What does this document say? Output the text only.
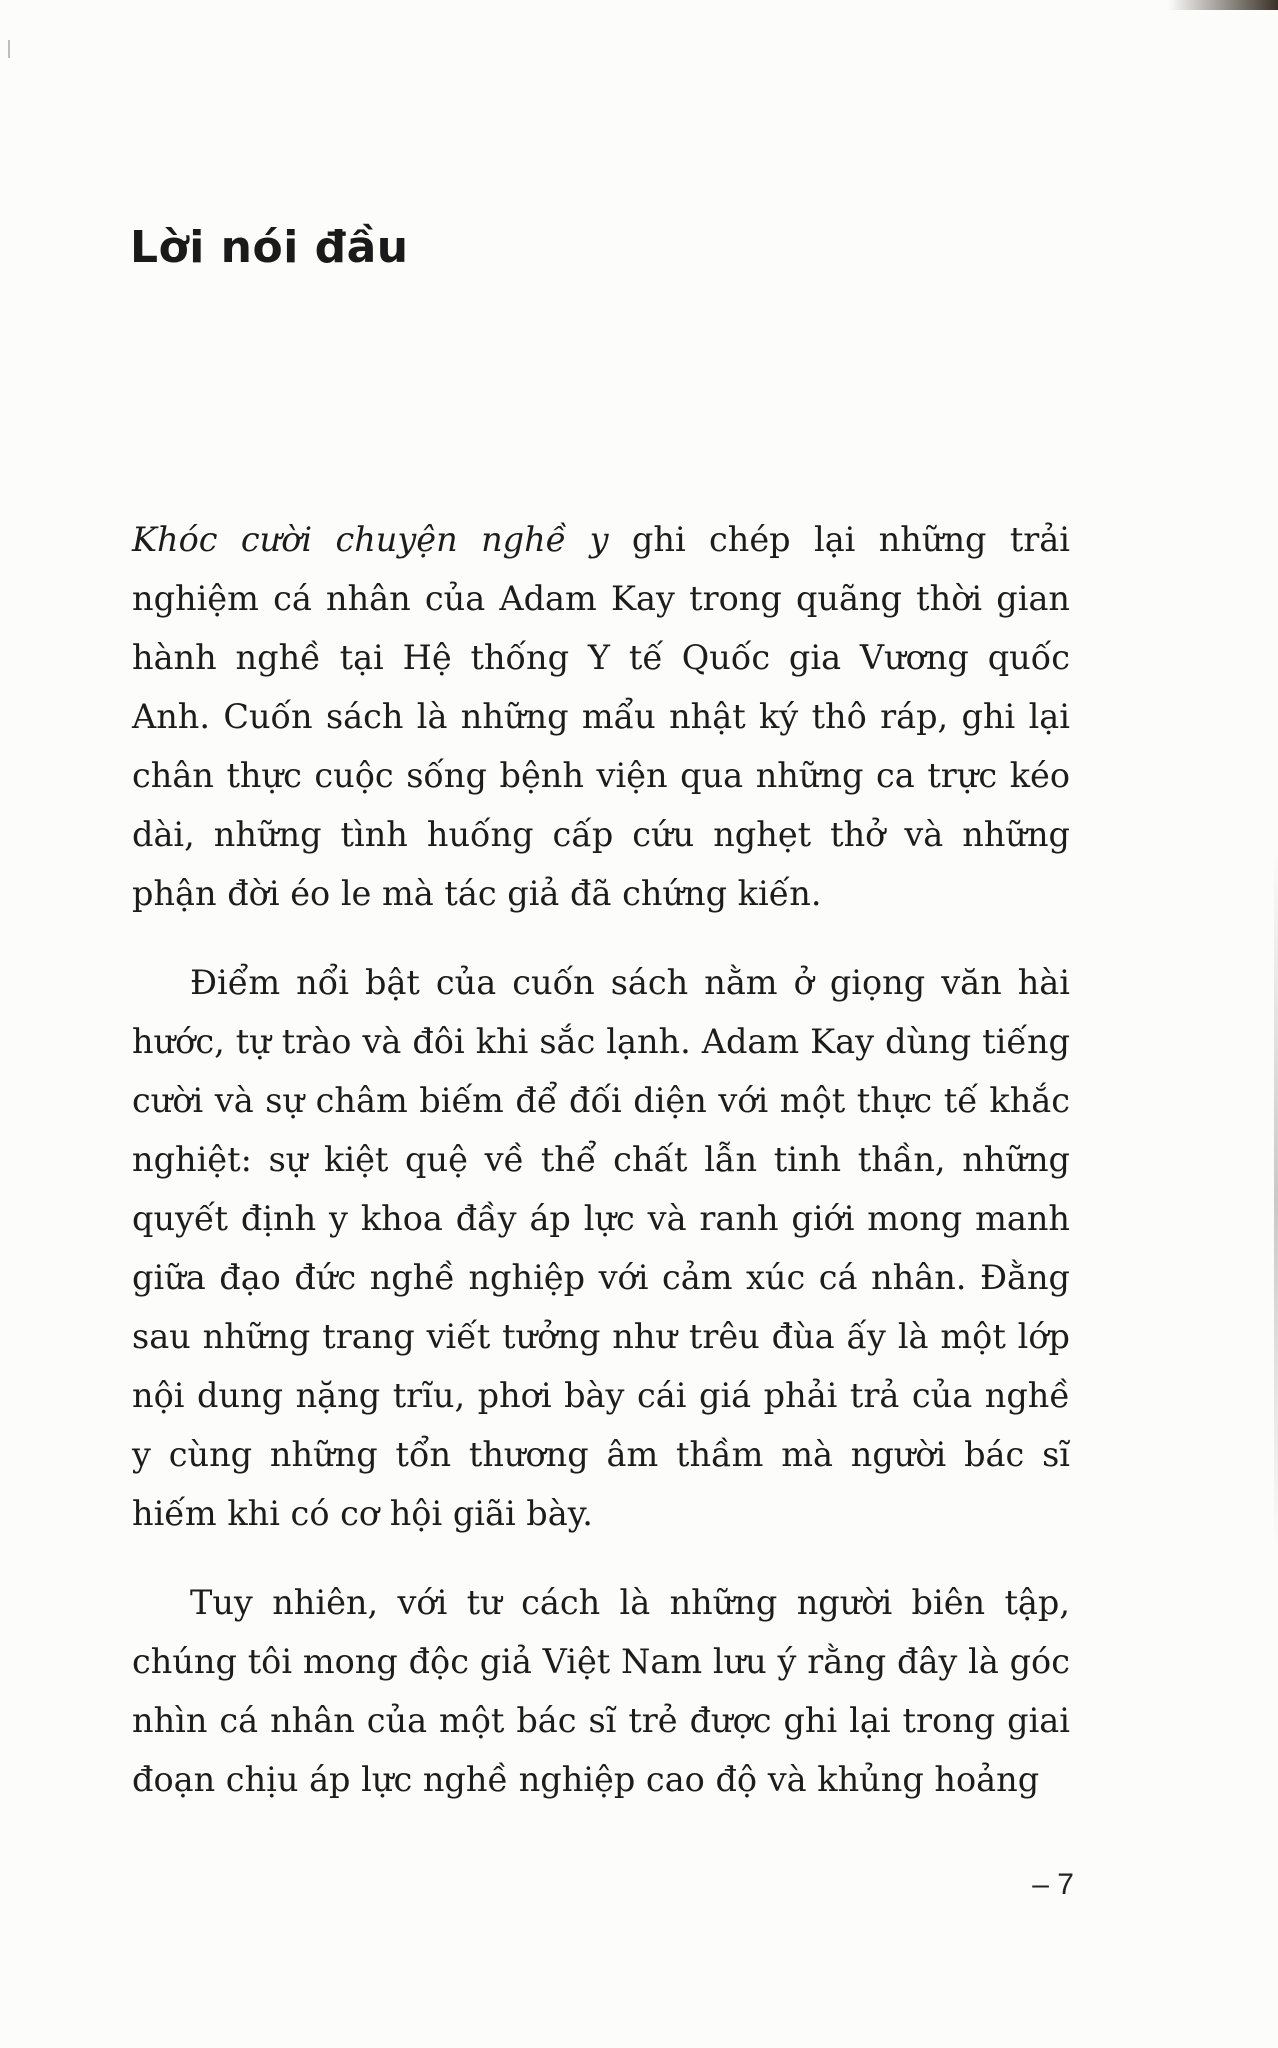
Lời nói đầu

Khóc cười chuyện nghề y ghi chép lại những trải nghiệm cá nhân của Adam Kay trong quãng thời gian hành nghề tại Hệ thống Y tế Quốc gia Vương quốc Anh. Cuốn sách là những mẩu nhật ký thô ráp, ghi lại chân thực cuộc sống bệnh viện qua những ca trực kéo dài, những tình huống cấp cứu nghẹt thở và những phận đời éo le mà tác giả đã chứng kiến.

Điểm nổi bật của cuốn sách nằm ở giọng văn hài hước, tự trào và đôi khi sắc lạnh. Adam Kay dùng tiếng cười và sự châm biếm để đối diện với một thực tế khắc nghiệt: sự kiệt quệ về thể chất lẫn tinh thần, những quyết định y khoa đầy áp lực và ranh giới mong manh giữa đạo đức nghề nghiệp với cảm xúc cá nhân. Đằng sau những trang viết tưởng như trêu đùa ấy là một lớp nội dung nặng trĩu, phơi bày cái giá phải trả của nghề y cùng những tổn thương âm thầm mà người bác sĩ hiếm khi có cơ hội giãi bày.

Tuy nhiên, với tư cách là những người biên tập, chúng tôi mong độc giả Việt Nam lưu ý rằng đây là góc nhìn cá nhân của một bác sĩ trẻ được ghi lại trong giai đoạn chịu áp lực nghề nghiệp cao độ và khủng hoảng

– 7
